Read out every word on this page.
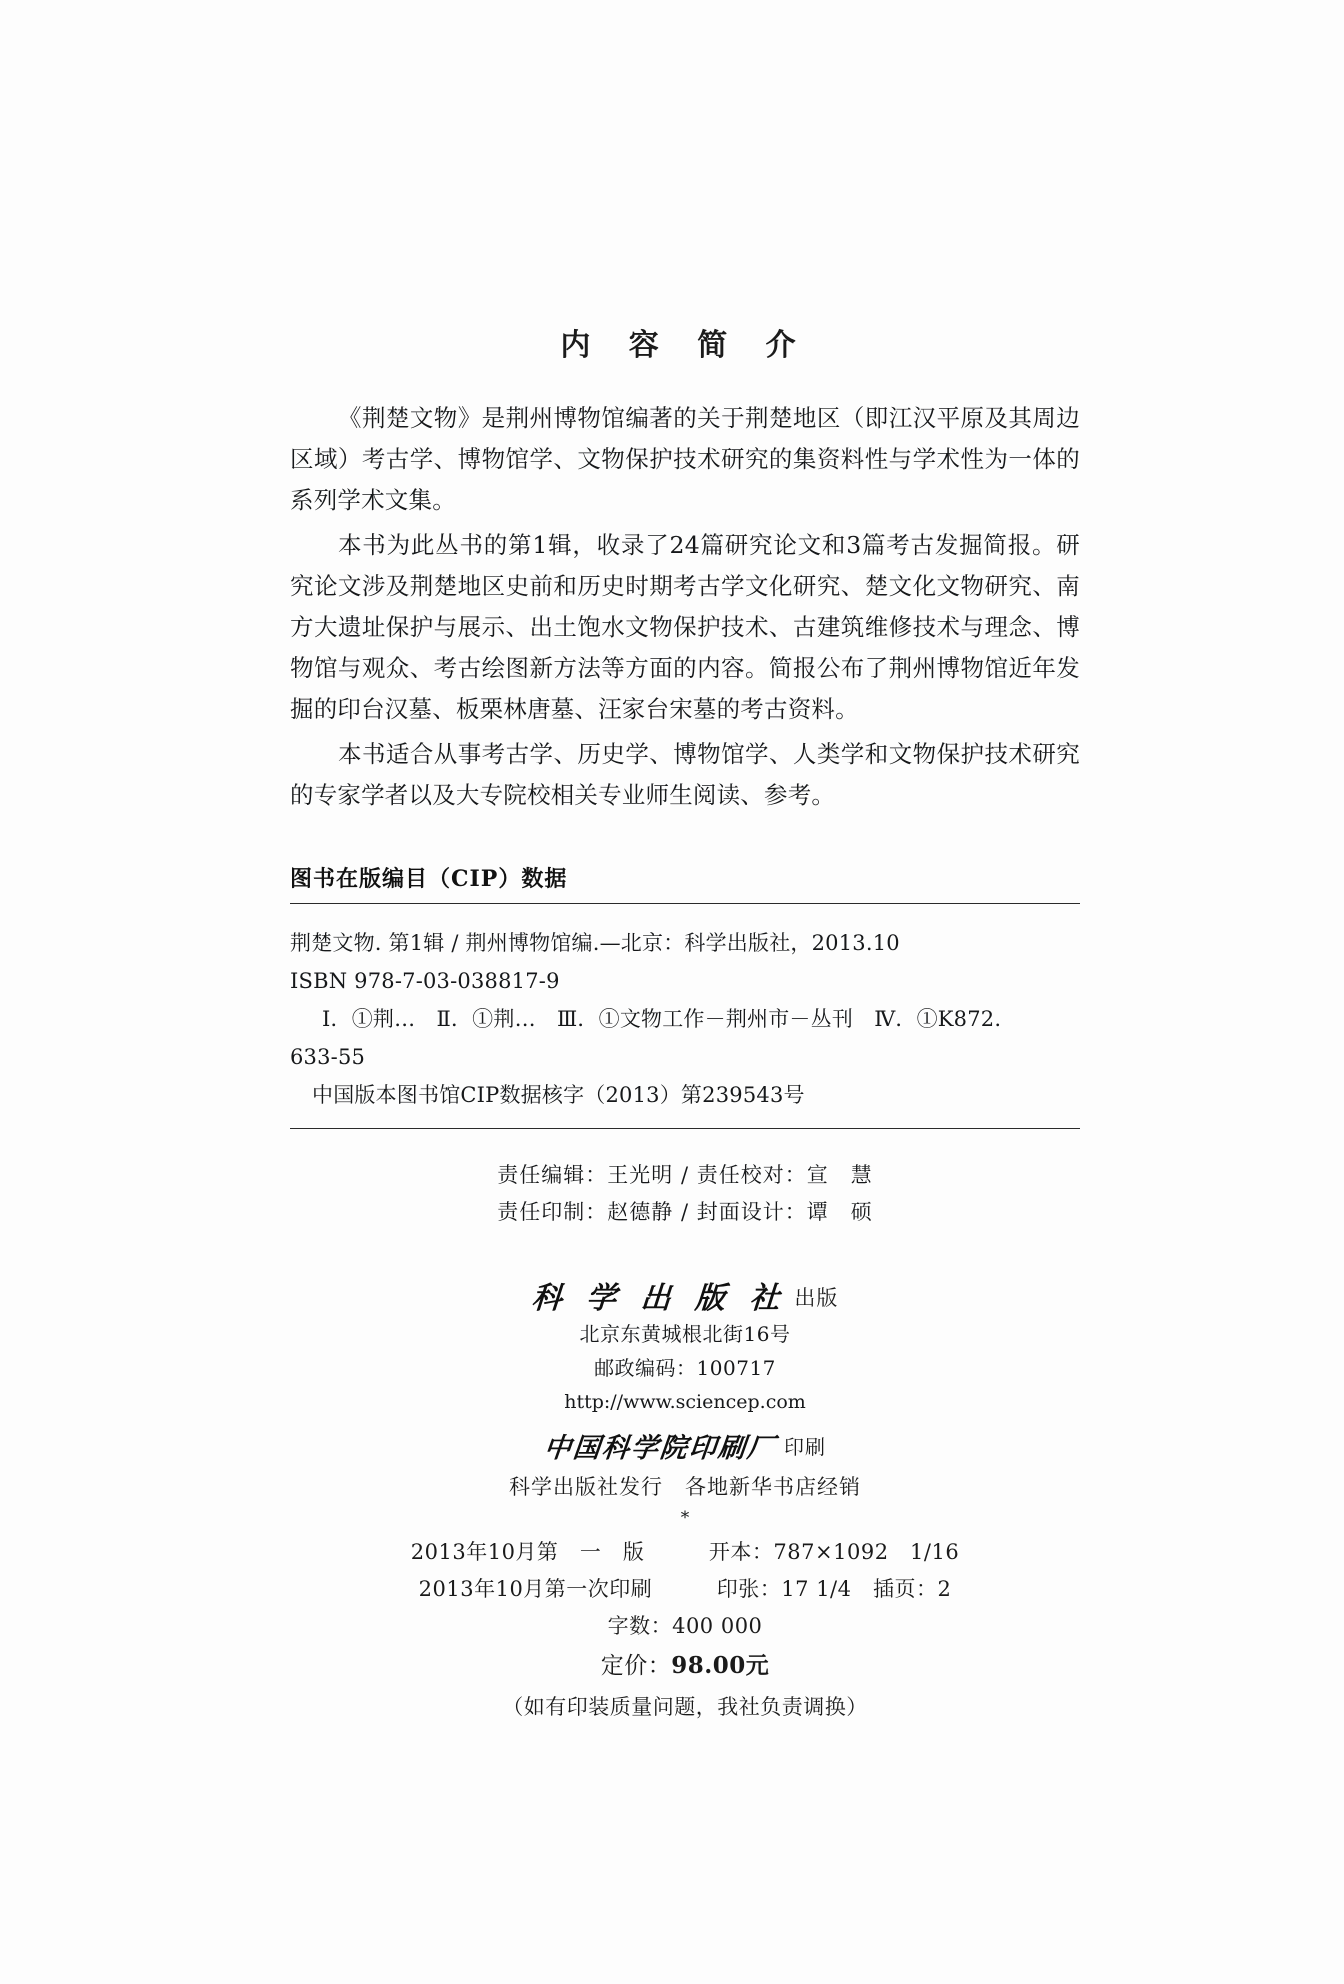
内 容 简 介

《荆楚文物》是荆州博物馆编著的关于荆楚地区（即江汉平原及其周边区域）考古学、博物馆学、文物保护技术研究的集资料性与学术性为一体的系列学术文集。

本书为此丛书的第1辑，收录了24篇研究论文和3篇考古发掘简报。研究论文涉及荆楚地区史前和历史时期考古学文化研究、楚文化文物研究、南方大遗址保护与展示、出土饱水文物保护技术、古建筑维修技术与理念、博物馆与观众、考古绘图新方法等方面的内容。简报公布了荆州博物馆近年发掘的印台汉墓、板栗林唐墓、汪家台宋墓的考古资料。

本书适合从事考古学、历史学、博物馆学、人类学和文物保护技术研究的专家学者以及大专院校相关专业师生阅读、参考。

图书在版编目（CIP）数据
荆楚文物. 第1辑 / 荆州博物馆编.—北京：科学出版社，2013.10
ISBN 978-7-03-038817-9
Ⅰ．①荆…　Ⅱ．①荆…　Ⅲ．①文物工作－荆州市－丛刊　Ⅳ．①K872.
633-55
中国版本图书馆CIP数据核字（2013）第239543号
责任编辑：王光明 / 责任校对：宣　慧
责任印制：赵德静 / 封面设计：谭　硕
科 学 出 版 社 出版
北京东黄城根北街16号
邮政编码：100717
http://www.sciencep.com
中国科学院印刷厂 印刷
科学出版社发行　各地新华书店经销
*
2013年10月第　一　版　　　开本：787×1092　1/16
2013年10月第一次印刷　　　印张：17 1/4　插页：2
字数：400 000
定价：98.00元
（如有印装质量问题，我社负责调换）
